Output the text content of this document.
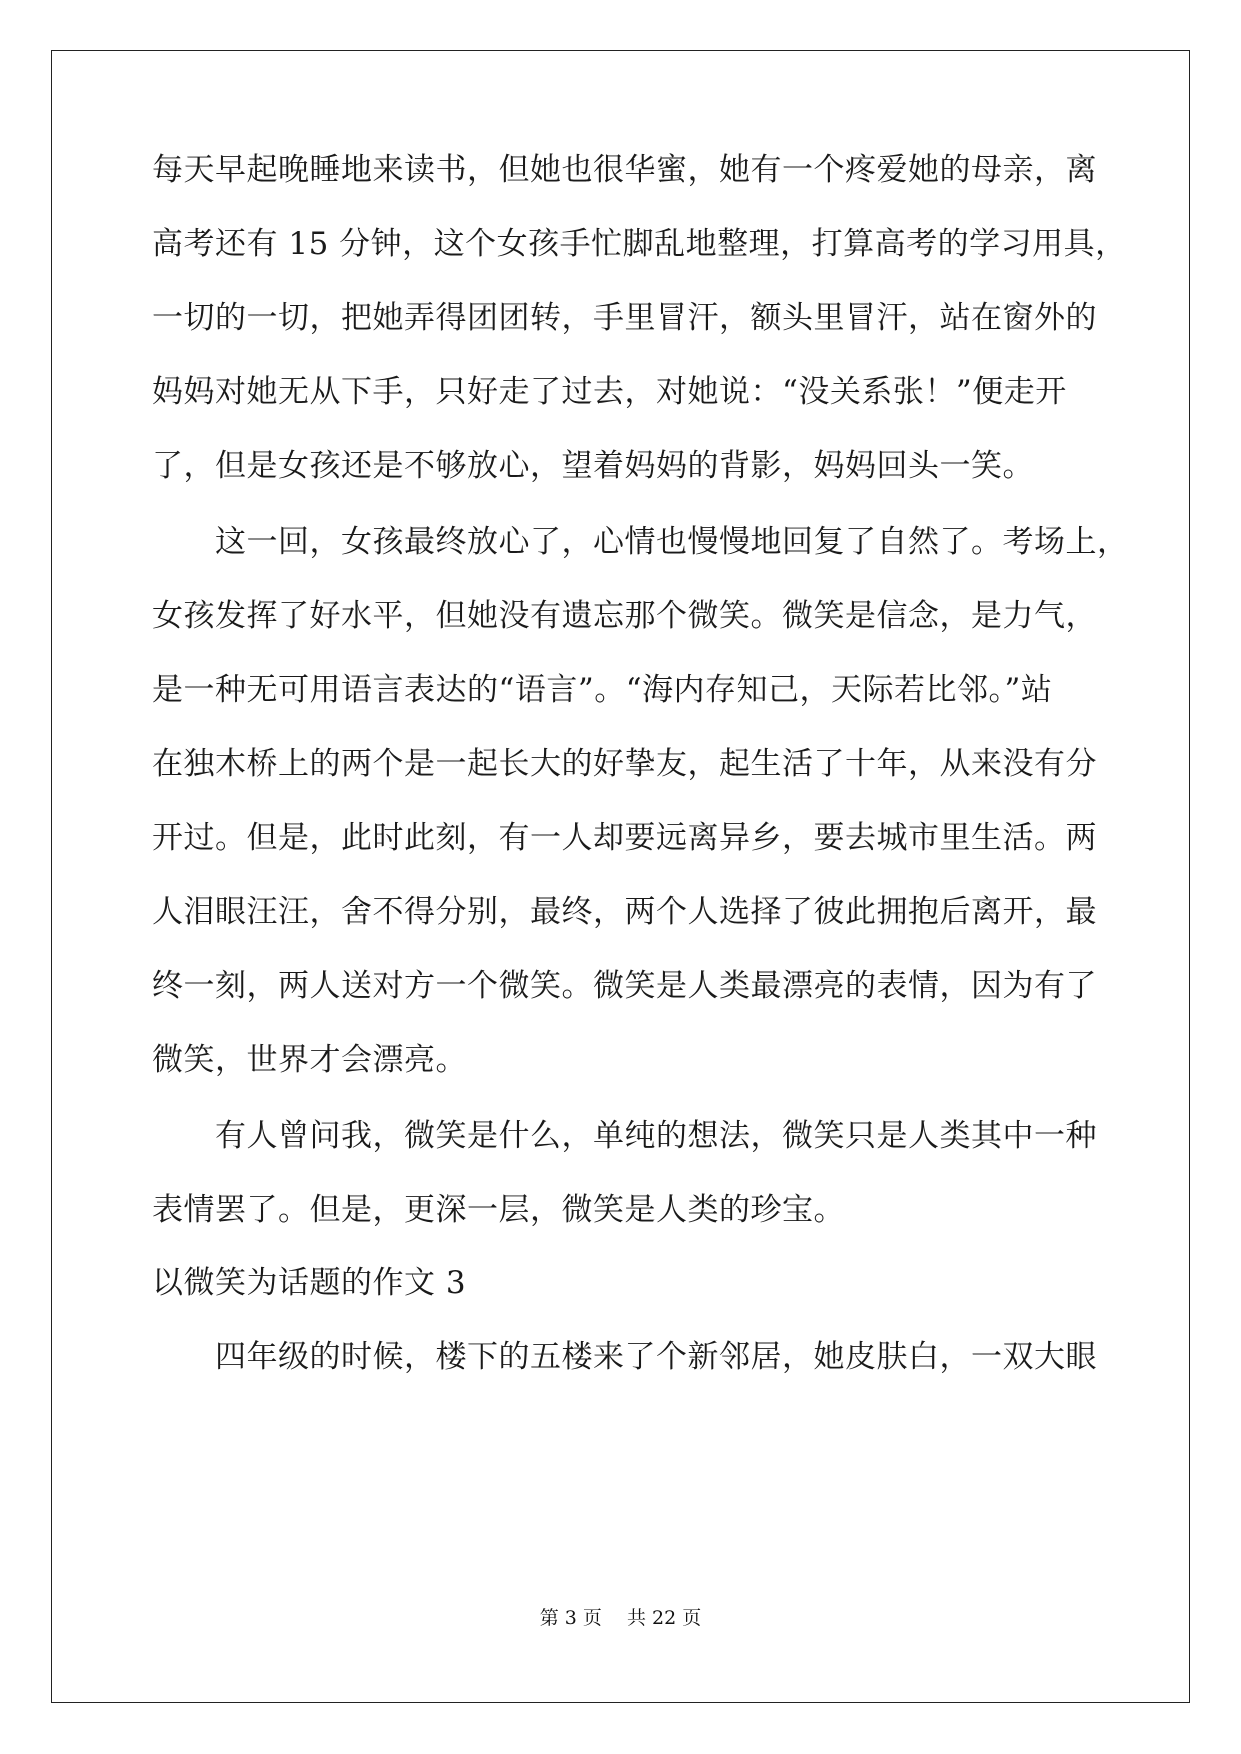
每天早起晚睡地来读书，但她也很华蜜，她有一个疼爱她的母亲，离
高考还有 15 分钟，这个女孩手忙脚乱地整理，打算高考的学习用具，
一切的一切，把她弄得团团转，手里冒汗，额头里冒汗，站在窗外的
妈妈对她无从下手，只好走了过去，对她说：“没关系张！”便走开
了，但是女孩还是不够放心，望着妈妈的背影，妈妈回头一笑。
这一回，女孩最终放心了，心情也慢慢地回复了自然了。考场上，
女孩发挥了好水平，但她没有遗忘那个微笑。微笑是信念，是力气，
是一种无可用语言表达的“语言”。“海内存知己，天际若比邻。”站
在独木桥上的两个是一起长大的好挚友，起生活了十年，从来没有分
开过。但是，此时此刻，有一人却要远离异乡，要去城市里生活。两
人泪眼汪汪，舍不得分别，最终，两个人选择了彼此拥抱后离开，最
终一刻，两人送对方一个微笑。微笑是人类最漂亮的表情，因为有了
微笑，世界才会漂亮。
有人曾问我，微笑是什么，单纯的想法，微笑只是人类其中一种
表情罢了。但是，更深一层，微笑是人类的珍宝。
以微笑为话题的作文 3
四年级的时候，楼下的五楼来了个新邻居，她皮肤白，一双大眼
第 3 页　 共 22 页
